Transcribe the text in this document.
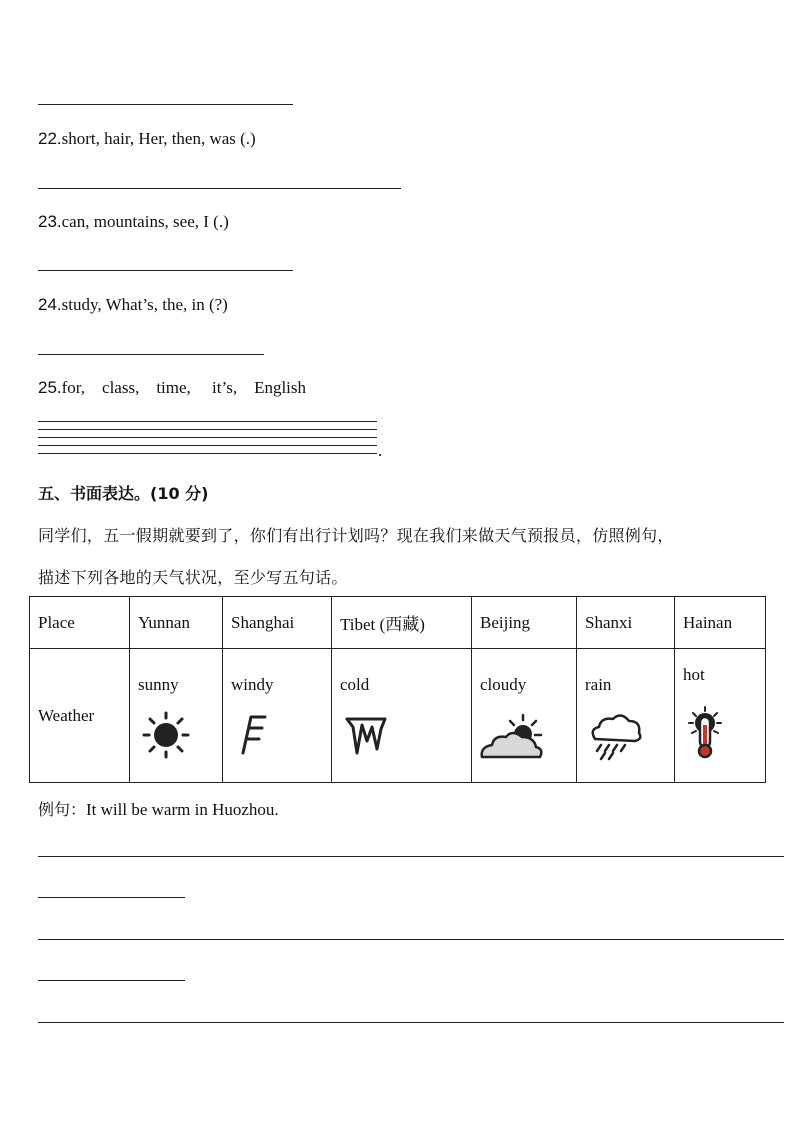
22.short, hair, Her, then, was (.)
23.can, mountains, see, I (.)
24.study, What’s, the, in (?)
25.for,    class,    time,     it’s,    English
.
五、书面表达。(10 分)
同学们，五一假期就要到了，你们有出行计划吗？现在我们来做天气预报员，仿照例句，
描述下列各地的天气状况，至少写五句话。
Place	Yunnan	Shanghai	Tibet (西藏)	Beijing	Shanxi	Hainan
Weather	sunny	windy	cold	cloudy	rain	hot
例句：It will be warm in Huozhou.
